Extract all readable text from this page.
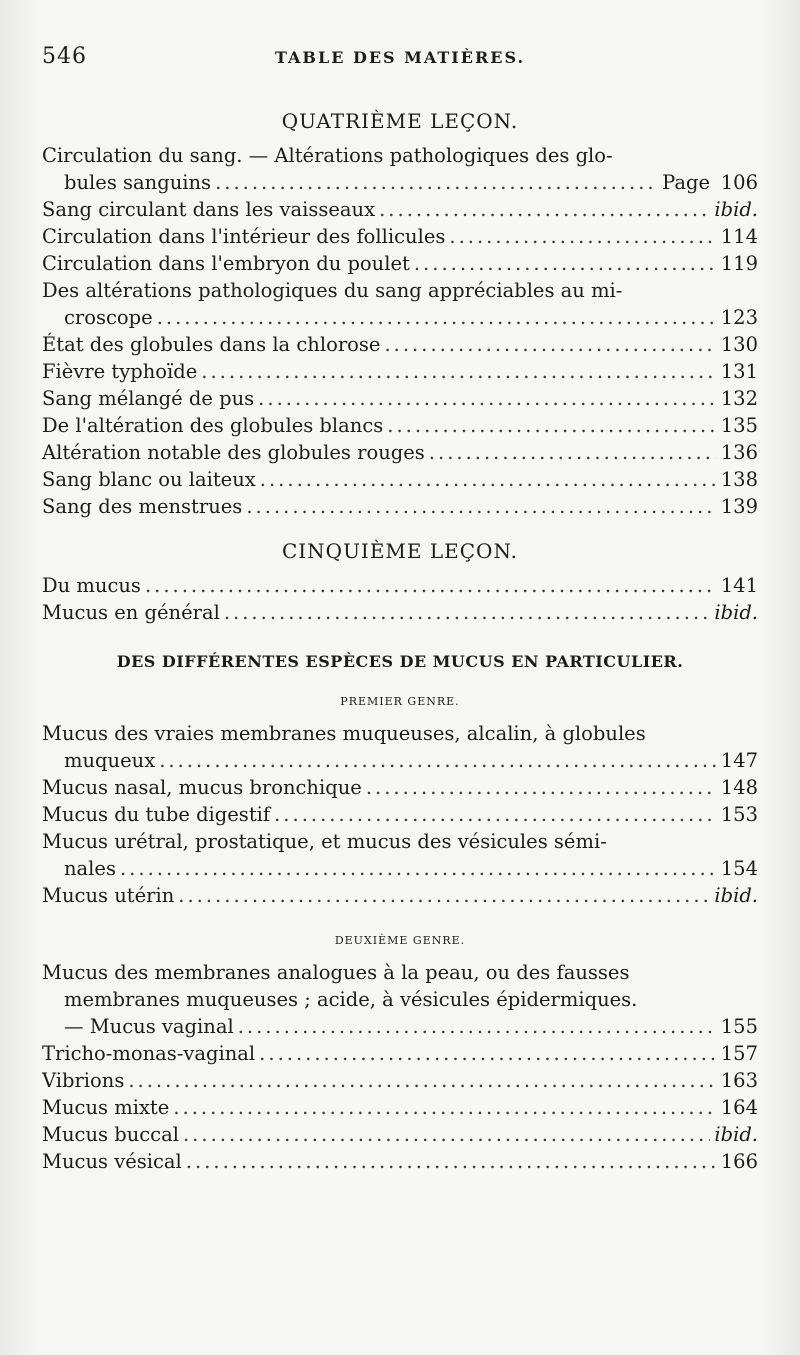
546	TABLE DES MATIÈRES.
QUATRIÈME LEÇON.
Circulation du sang. — Altérations pathologiques des glo-
bules sanguins .....	Page 106
Sang circulant dans les vaisseaux .....	ibid.
Circulation dans l'intérieur des follicules .....	114
Circulation dans l'embryon du poulet .....	119
Des altérations pathologiques du sang appréciables au mi-
croscope .....	123
État des globules dans la chlorose .....	130
Fièvre typhoïde .....	131
Sang mélangé de pus .....	132
De l'altération des globules blancs .....	135
Altération notable des globules rouges .....	136
Sang blanc ou laiteux .....	138
Sang des menstrues .....	139
CINQUIÈME LEÇON.
Du mucus .....	141
Mucus en général .....	ibid.
DES DIFFÉRENTES ESPÈCES DE MUCUS EN PARTICULIER.
PREMIER GENRE.
Mucus des vraies membranes muqueuses, alcalin, à globules
muqueux .....	147
Mucus nasal, mucus bronchique .....	148
Mucus du tube digestif .....	153
Mucus urétral, prostatique, et mucus des vésicules sémi-
nales .....	154
Mucus utérin .....	ibid.
DEUXIÈME GENRE.
Mucus des membranes analogues à la peau, ou des fausses
membranes muqueuses ; acide, à vésicules épidermiques.
— Mucus vaginal .....	155
Tricho-monas-vaginal .....	157
Vibrions .....	163
Mucus mixte .....	164
Mucus buccal .....	ibid.
Mucus vésical .....	166
